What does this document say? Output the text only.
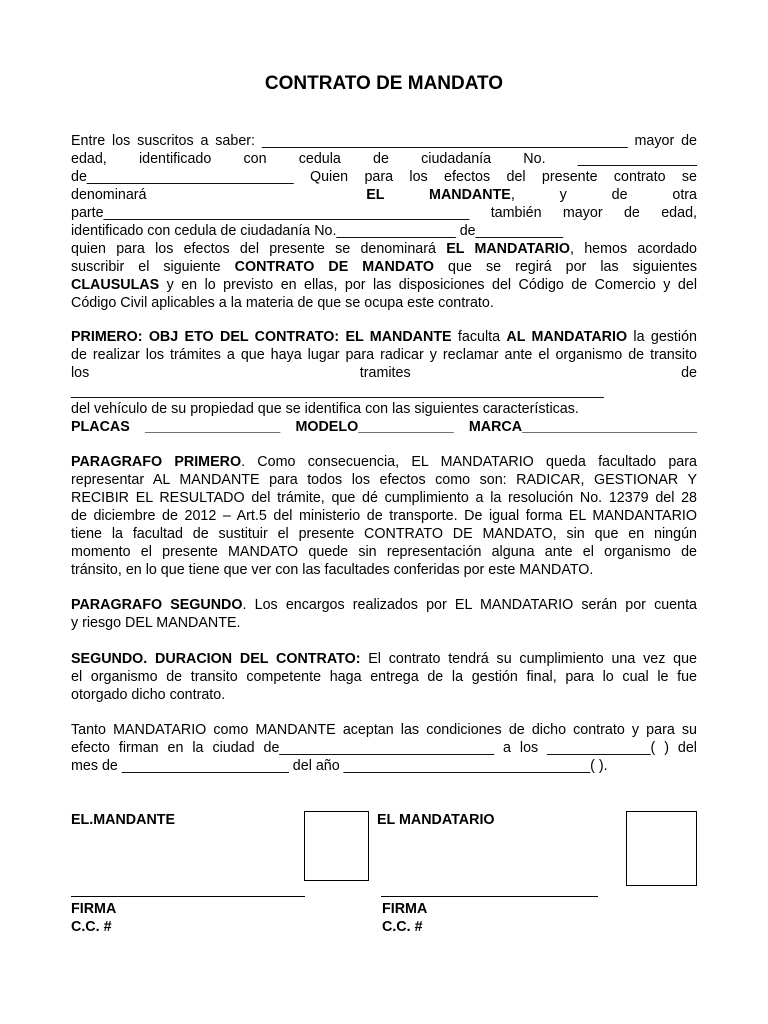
CONTRATO DE MANDATO
Entre los suscritos a saber: ______________________________________________ mayor de
edad, identificado con cedula de ciudadanía No. _______________
de__________________________ Quien para los efectos del presente contrato se
denominará	EL MANDANTE, y de otra
parte______________________________________________ también mayor de edad,
identificado con cedula de ciudadanía No._______________ de___________
quien para los efectos del presente se denominará EL MANDATARIO, hemos acordado
suscribir el siguiente CONTRATO DE MANDATO que se regirá por las siguientes
CLAUSULAS y en lo previsto en ellas, por las disposiciones del Código de Comercio y del
Código Civil aplicables a la materia de que se ocupa este contrato.
PRIMERO: OBJ ETO DEL CONTRATO: EL MANDANTE faculta AL MANDATARIO la gestión
de realizar los trámites a que haya lugar para radicar y reclamar ante el organismo de transito
los tramites de ___________________________________________________________________
del vehículo de su propiedad que se identifica con las siguientes características.
PLACAS _________________ MODELO____________ MARCA______________________
PARAGRAFO PRIMERO. Como consecuencia, EL MANDATARIO queda facultado para
representar AL MANDANTE para todos los efectos como son: RADICAR, GESTIONAR Y
RECIBIR EL RESULTADO del trámite, que dé cumplimiento a la resolución No. 12379 del 28
de diciembre de 2012 – Art.5 del ministerio de transporte. De igual forma EL MANDANTARIO
tiene la facultad de sustituir el presente CONTRATO DE MANDATO, sin que en ningún
momento el presente MANDATO quede sin representación alguna ante el organismo de
tránsito, en lo que tiene que ver con las facultades conferidas por este MANDATO.
PARAGRAFO SEGUNDO. Los encargos realizados por EL MANDATARIO serán por cuenta
y riesgo DEL MANDANTE.
SEGUNDO. DURACION DEL CONTRATO: El contrato tendrá su cumplimiento una vez que
el organismo de transito competente haga entrega de la gestión final, para lo cual le fue
otorgado dicho contrato.
Tanto MANDATARIO como MANDANTE aceptan las condiciones de dicho contrato y para su
efecto firman en la ciudad de___________________________ a los _____________( ) del
mes de _____________________ del año _______________________________( ).
EL.MANDANTE	EL MANDATARIO
FIRMA
C.C. #
FIRMA
C.C. #
